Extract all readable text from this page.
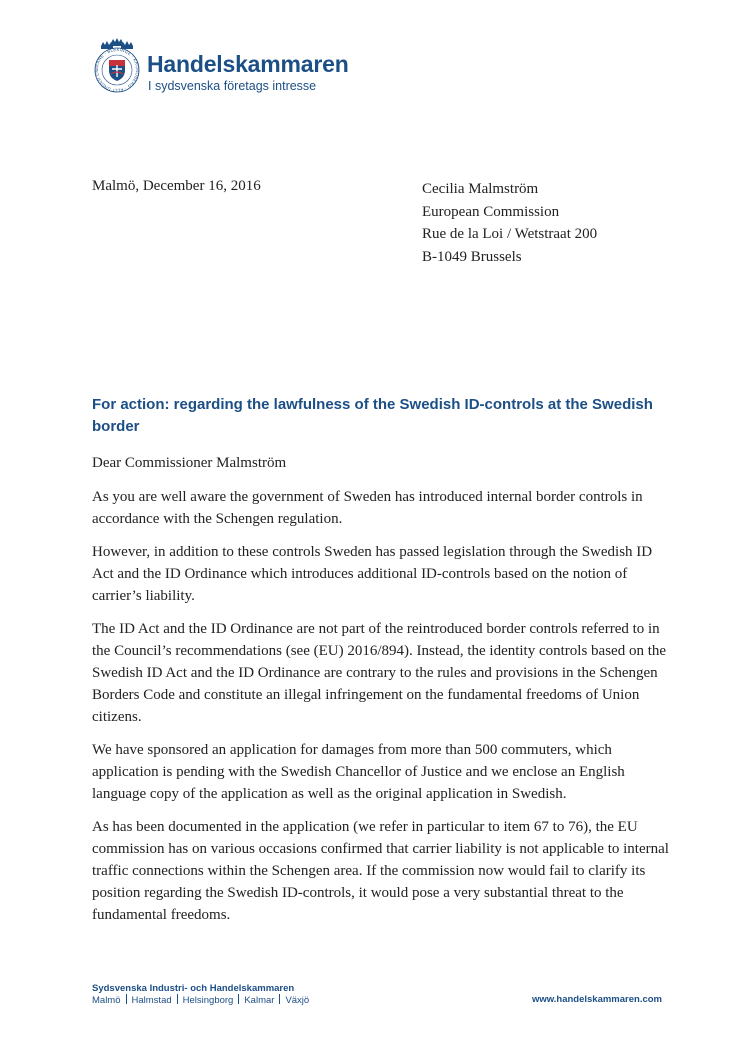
SKÅNE · BLEKINGE · KRONOBERG · ALLT UNDER EN	Handelskammaren
I sydsvenska företags intresse
Malmö, December 16, 2016	Cecilia Malmström
European Commission
Rue de la Loi / Wetstraat 200
B-1049 Brussels
For action: regarding the lawfulness of the Swedish ID-controls at the Swedish border

Dear Commissioner Malmström

As you are well aware the government of Sweden has introduced internal border controls in accordance with the Schengen regulation.

However, in addition to these controls Sweden has passed legislation through the Swedish ID Act and the ID Ordinance which introduces additional ID-controls based on the notion of carrier’s liability.

The ID Act and the ID Ordinance are not part of the reintroduced border controls referred to in the Council’s recommendations (see (EU) 2016/894). Instead, the identity controls based on the Swedish ID Act and the ID Ordinance are contrary to the rules and provisions in the Schengen Borders Code and constitute an illegal infringement on the fundamental freedoms of Union citizens.

We have sponsored an application for damages from more than 500 commuters, which application is pending with the Swedish Chancellor of Justice and we enclose an English language copy of the application as well as the original application in Swedish.

As has been documented in the application (we refer in particular to item 67 to 76), the EU commission has on various occasions confirmed that carrier liability is not applicable to internal traffic connections within the Schengen area. If the commission now would fail to clarify its position regarding the Swedish ID-controls, it would pose a very substantial threat to the fundamental freedoms.

Sydsvenska Industri- och Handelskammaren
Malmö Halmstad Helsingborg Kalmar Växjö	www.handelskammaren.com
